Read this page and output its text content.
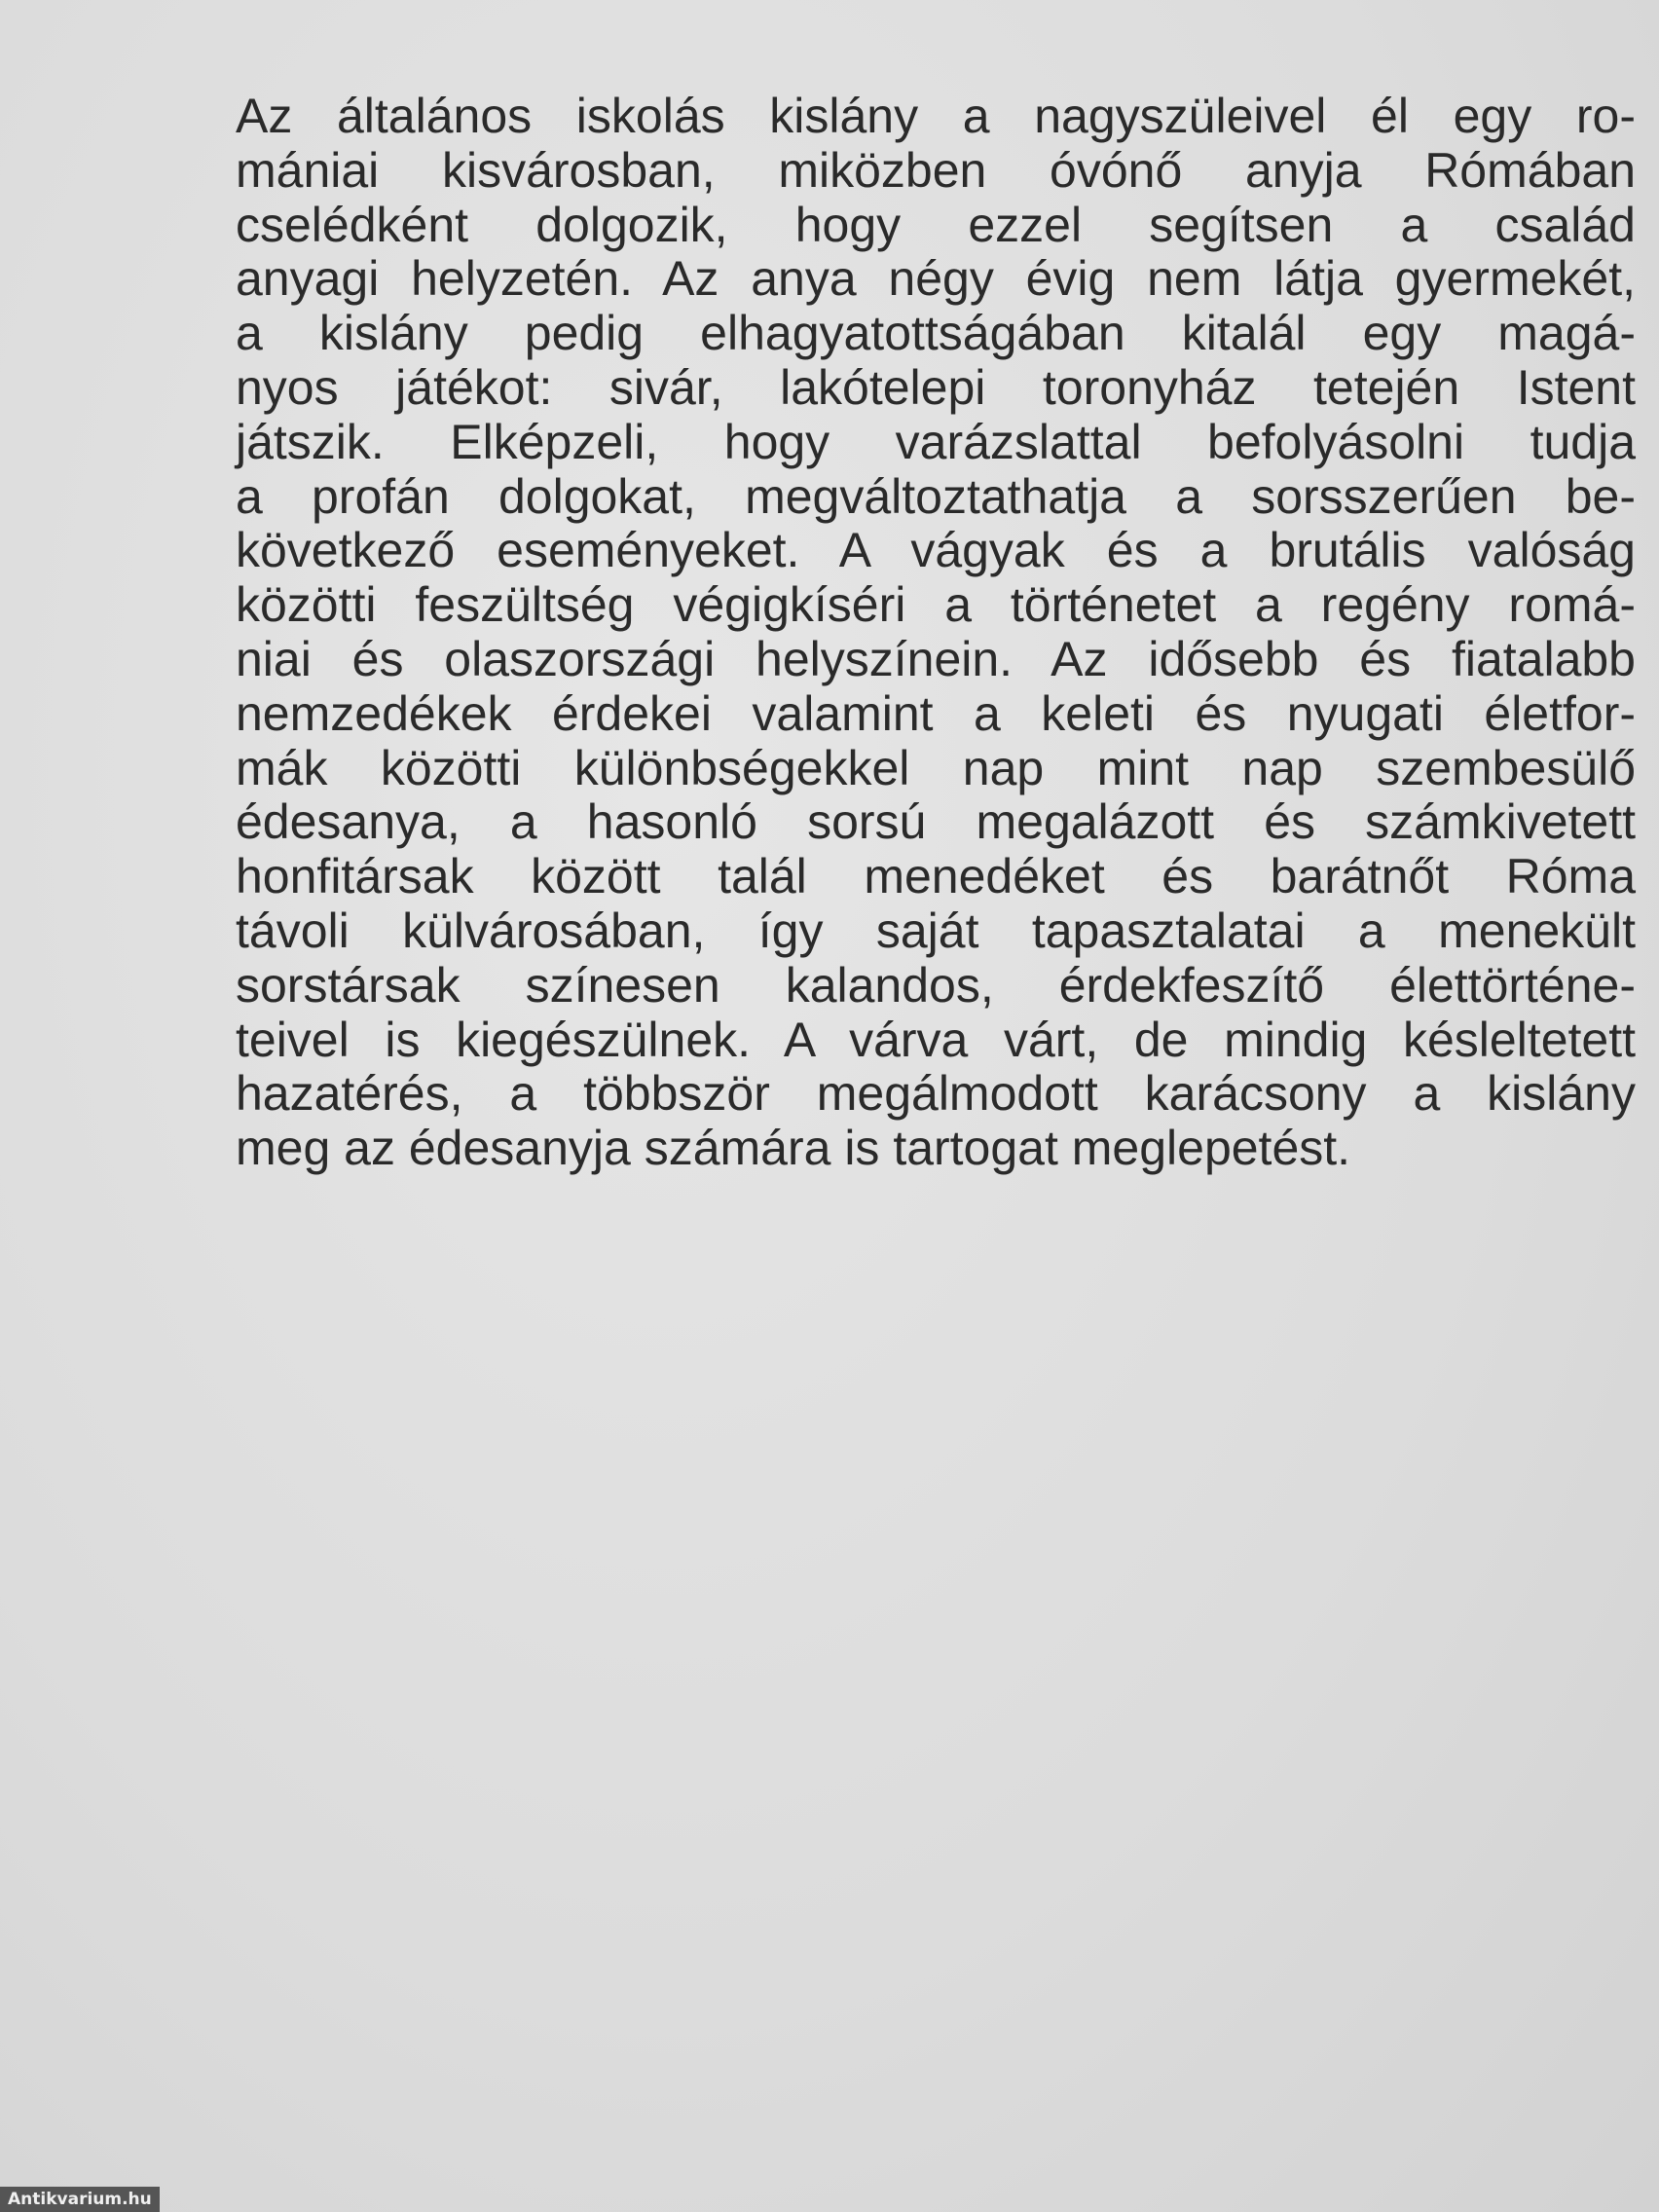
Az általános iskolás kislány a nagyszüleivel él egy ro-
mániai kisvárosban, miközben óvónő anyja Rómában
cselédként dolgozik, hogy ezzel segítsen a család
anyagi helyzetén. Az anya négy évig nem látja gyermekét,
a kislány pedig elhagyatottságában kitalál egy magá-
nyos játékot: sivár, lakótelepi toronyház tetején Istent
játszik. Elképzeli, hogy varázslattal befolyásolni tudja
a profán dolgokat, megváltoztathatja a sorsszerűen be-
következő eseményeket. A vágyak és a brutális valóság
közötti feszültség végigkíséri a történetet a regény romá-
niai és olaszországi helyszínein. Az idősebb és fiatalabb
nemzedékek érdekei valamint a keleti és nyugati életfor-
mák közötti különbségekkel nap mint nap szembesülő
édesanya, a hasonló sorsú megalázott és számkivetett
honfitársak között talál menedéket és barátnőt Róma
távoli külvárosában, így saját tapasztalatai a menekült
sorstársak színesen kalandos, érdekfeszítő élettörténe-
teivel is kiegészülnek. A várva várt, de mindig késleltetett
hazatérés, a többször megálmodott karácsony a kislány
meg az édesanyja számára is tartogat meglepetést.
Antikvarium.hu
